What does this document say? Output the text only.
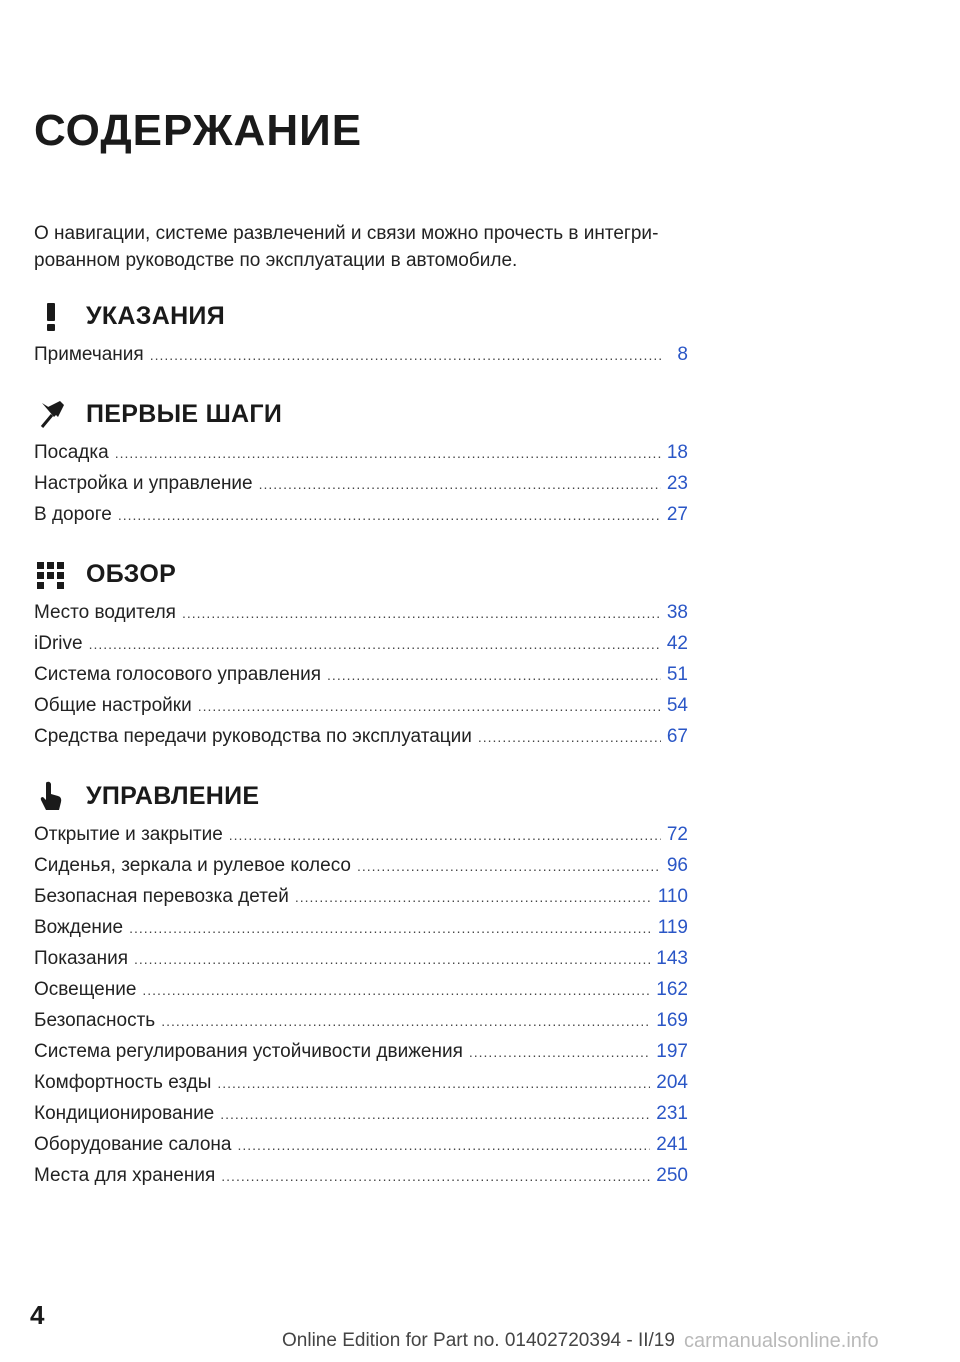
СОДЕРЖАНИЕ
О навигации, системе развлечений и связи можно прочесть в интегрированном руководстве по эксплуатации в автомобиле.
УКАЗАНИЯ
Примечания .....	8
ПЕРВЫЕ ШАГИ
Посадка .....	18
Настройка и управление .....	23
В дороге .....	27
ОБЗОР
Место водителя .....	38
iDrive .....	42
Система голосового управления .....	51
Общие настройки .....	54
Средства передачи руководства по эксплуатации .....	67
УПРАВЛЕНИЕ
Открытие и закрытие .....	72
Сиденья, зеркала и рулевое колесо .....	96
Безопасная перевозка детей .....	110
Вождение .....	119
Показания .....	143
Освещение .....	162
Безопасность .....	169
Система регулирования устойчивости движения .....	197
Комфортность езды .....	204
Кондиционирование .....	231
Оборудование салона .....	241
Места для хранения .....	250
4
Online Edition for Part no. 01402720394 - II/19 carmanualsonline.info
